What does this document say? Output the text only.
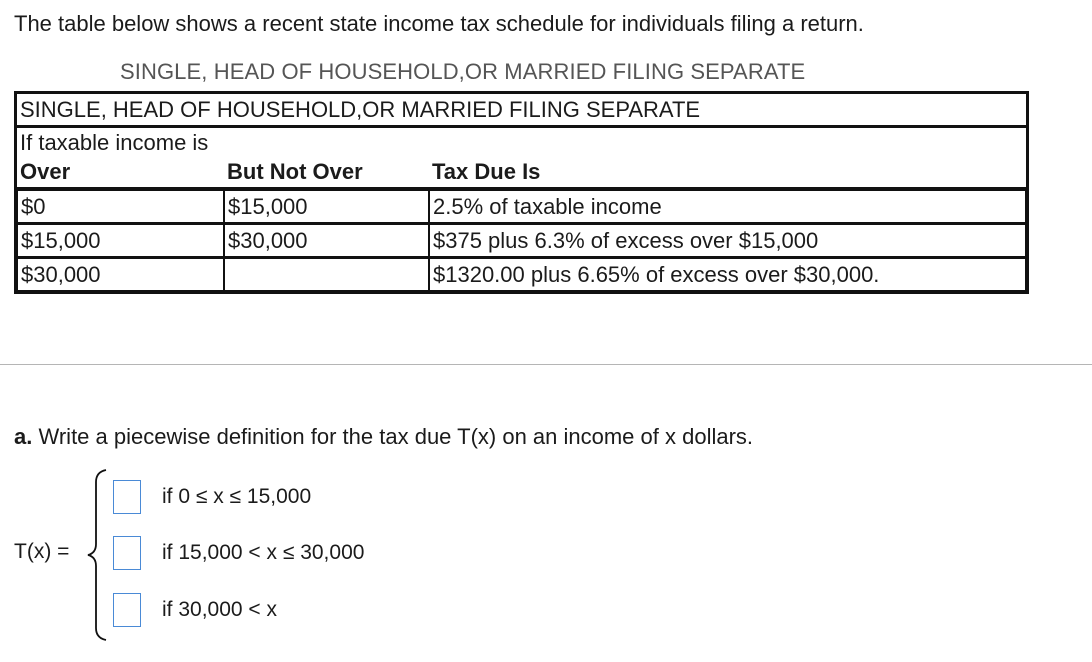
The table below shows a recent state income tax schedule for individuals filing a return.

SINGLE, HEAD OF HOUSEHOLD,OR MARRIED FILING SEPARATE
SINGLE, HEAD OF HOUSEHOLD,OR MARRIED FILING SEPARATE		
If taxable income is		
Over	But Not Over	Tax Due Is
$0	$15,000	2.5% of taxable income
$15,000	$30,000	$375 plus 6.3% of excess over $15,000
$30,000		$1320.00 plus 6.65% of excess over $30,000.

a. Write a piecewise definition for the tax due T(x) on an income of x dollars.

T(x) =
if 0 ≤ x ≤ 15,000
if 15,000 < x ≤ 30,000
if 30,000 < x
